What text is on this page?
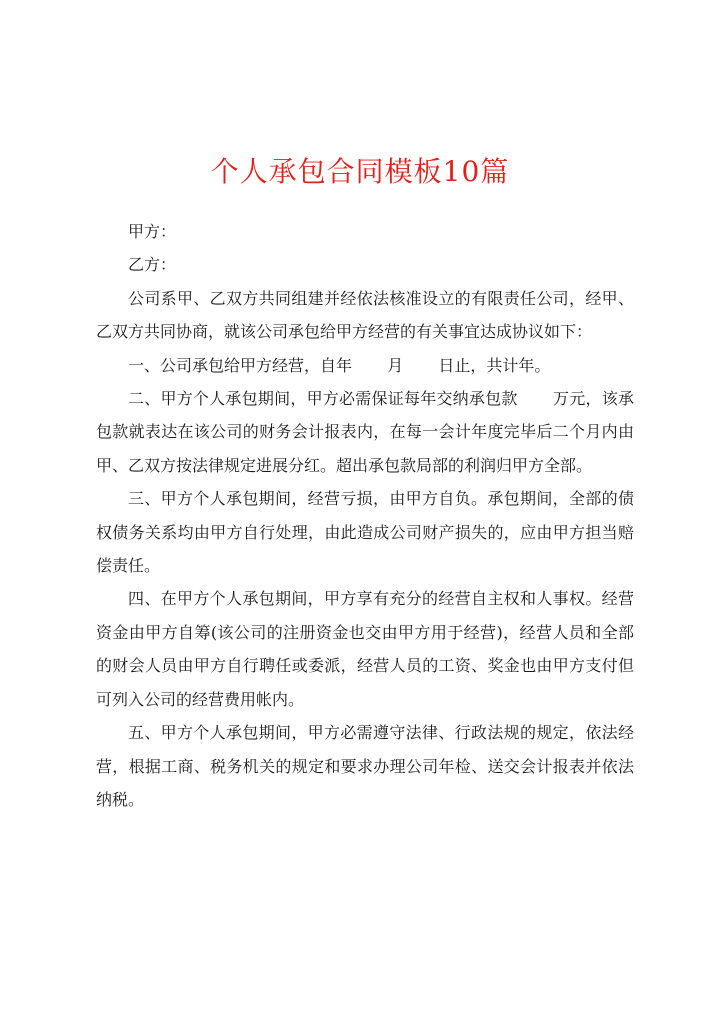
个人承包合同模板10篇

甲方：

乙方：

公司系甲、乙双方共同组建并经依法核准设立的有限责任公司，经甲、乙双方共同协商，就该公司承包给甲方经营的有关事宜达成协议如下：

一、公司承包给甲方经营，自年 月 日止，共计年。

二、甲方个人承包期间，甲方必需保证每年交纳承包款 万元，该承包款就表达在该公司的财务会计报表内，在每一会计年度完毕后二个月内由甲、乙双方按法律规定进展分红。超出承包款局部的利润归甲方全部。

三、甲方个人承包期间，经营亏损，由甲方自负。承包期间，全部的债权债务关系均由甲方自行处理，由此造成公司财产损失的，应由甲方担当赔偿责任。

四、在甲方个人承包期间，甲方享有充分的经营自主权和人事权。经营资金由甲方自筹(该公司的注册资金也交由甲方用于经营)，经营人员和全部的财会人员由甲方自行聘任或委派，经营人员的工资、奖金也由甲方支付但可列入公司的经营费用帐内。

五、甲方个人承包期间，甲方必需遵守法律、行政法规的规定，依法经营，根据工商、税务机关的规定和要求办理公司年检、送交会计报表并依法纳税。
